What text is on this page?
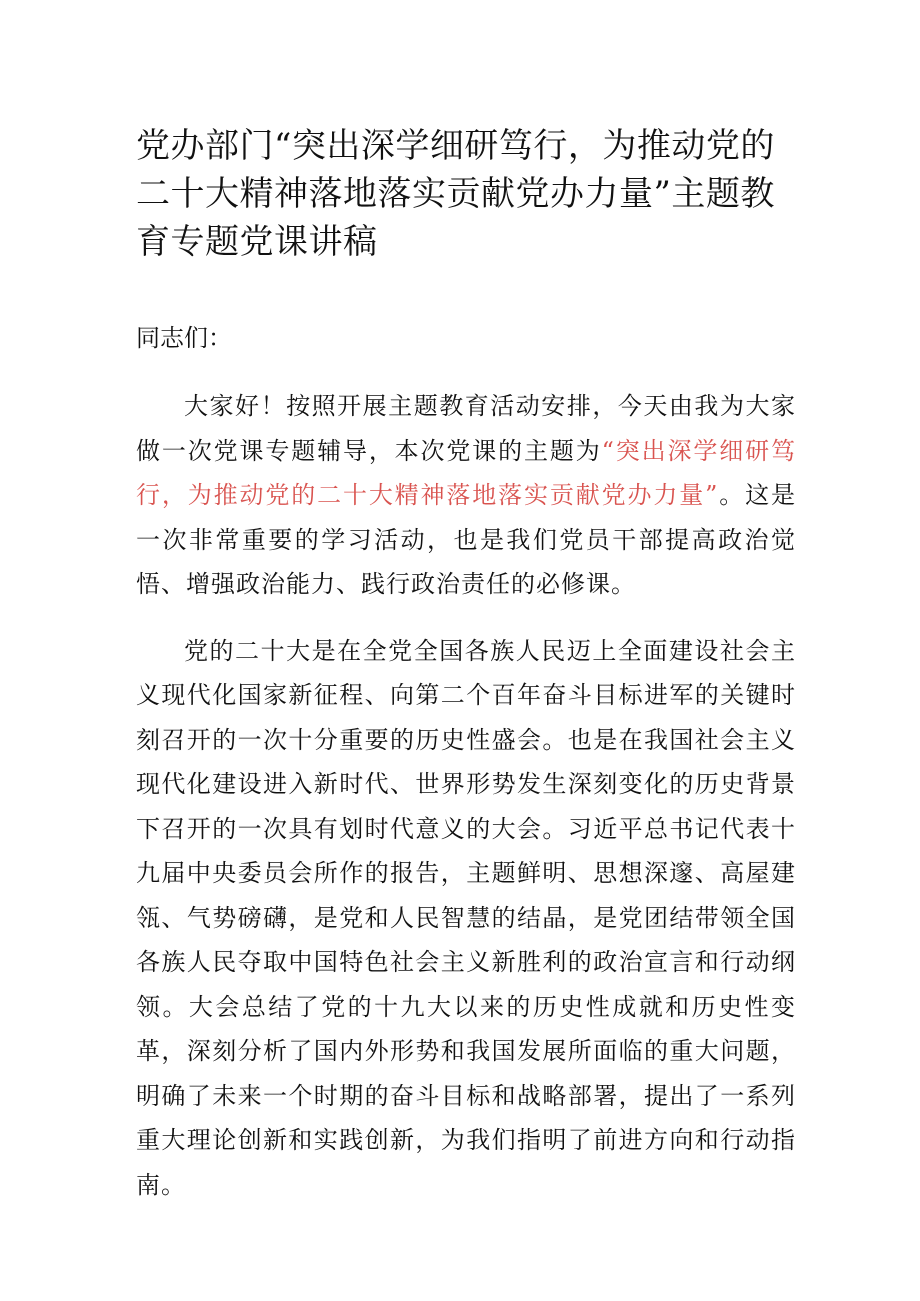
党办部门“突出深学细研笃行，为推动党的二十大精神落地落实贡献党办力量”主题教育专题党课讲稿

同志们：

大家好！按照开展主题教育活动安排，今天由我为大家做一次党课专题辅导，本次党课的主题为“突出深学细研笃行，为推动党的二十大精神落地落实贡献党办力量”。这是一次非常重要的学习活动，也是我们党员干部提高政治觉悟、增强政治能力、践行政治责任的必修课。

党的二十大是在全党全国各族人民迈上全面建设社会主义现代化国家新征程、向第二个百年奋斗目标进军的关键时刻召开的一次十分重要的历史性盛会。也是在我国社会主义现代化建设进入新时代、世界形势发生深刻变化的历史背景下召开的一次具有划时代意义的大会。习近平总书记代表十九届中央委员会所作的报告，主题鲜明、思想深邃、高屋建瓴、气势磅礴，是党和人民智慧的结晶，是党团结带领全国各族人民夺取中国特色社会主义新胜利的政治宣言和行动纲领。大会总结了党的十九大以来的历史性成就和历史性变革，深刻分析了国内外形势和我国发展所面临的重大问题，明确了未来一个时期的奋斗目标和战略部署，提出了一系列重大理论创新和实践创新，为我们指明了前进方向和行动指南。
